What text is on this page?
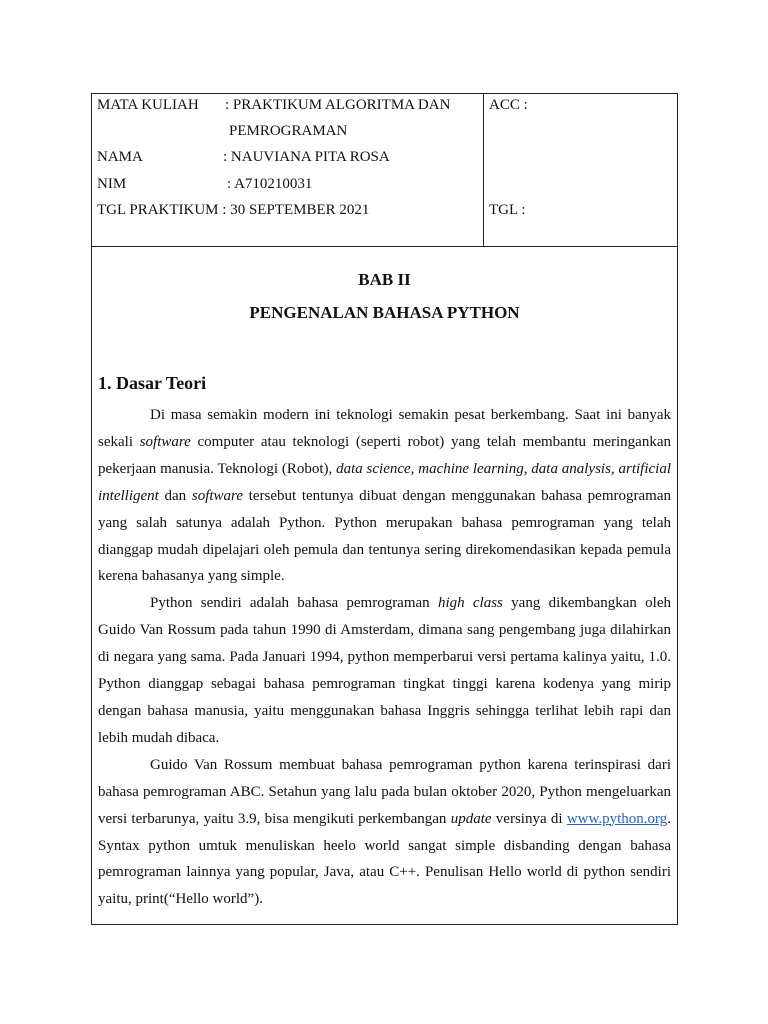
MATA KULIAH : PRAKTIKUM ALGORITMA DAN
PEMROGRAMAN
NAMA	: NAUVIANA PITA ROSA
NIM	: A710210031
TGL PRAKTIKUM : 30 SEPTEMBER 2021
ACC :
TGL :
BAB II
PENGENALAN BAHASA PYTHON
1. Dasar Teori

Di masa semakin modern ini teknologi semakin pesat berkembang. Saat ini banyak sekali software computer atau teknologi (seperti robot) yang telah membantu meringankan pekerjaan manusia. Teknologi (Robot), data science, machine learning, data analysis, artificial intelligent dan software tersebut tentunya dibuat dengan menggunakan bahasa pemrograman yang salah satunya adalah Python. Python merupakan bahasa pemrograman yang telah dianggap mudah dipelajari oleh pemula dan tentunya sering direkomendasikan kepada pemula kerena bahasanya yang simple.

Python sendiri adalah bahasa pemrograman high class yang dikembangkan oleh Guido Van Rossum pada tahun 1990 di Amsterdam, dimana sang pengembang juga dilahirkan di negara yang sama. Pada Januari 1994, python memperbarui versi pertama kalinya yaitu, 1.0. Python dianggap sebagai bahasa pemrograman tingkat tinggi karena kodenya yang mirip dengan bahasa manusia, yaitu menggunakan bahasa Inggris sehingga terlihat lebih rapi dan lebih mudah dibaca.

Guido Van Rossum membuat bahasa pemrograman python karena terinspirasi dari bahasa pemrograman ABC. Setahun yang lalu pada bulan oktober 2020, Python mengeluarkan versi terbarunya, yaitu 3.9, bisa mengikuti perkembangan update versinya di www.python.org. Syntax python umtuk menuliskan heelo world sangat simple disbanding dengan bahasa pemrograman lainnya yang popular, Java, atau C++. Penulisan Hello world di python sendiri yaitu, print(“Hello world”).
